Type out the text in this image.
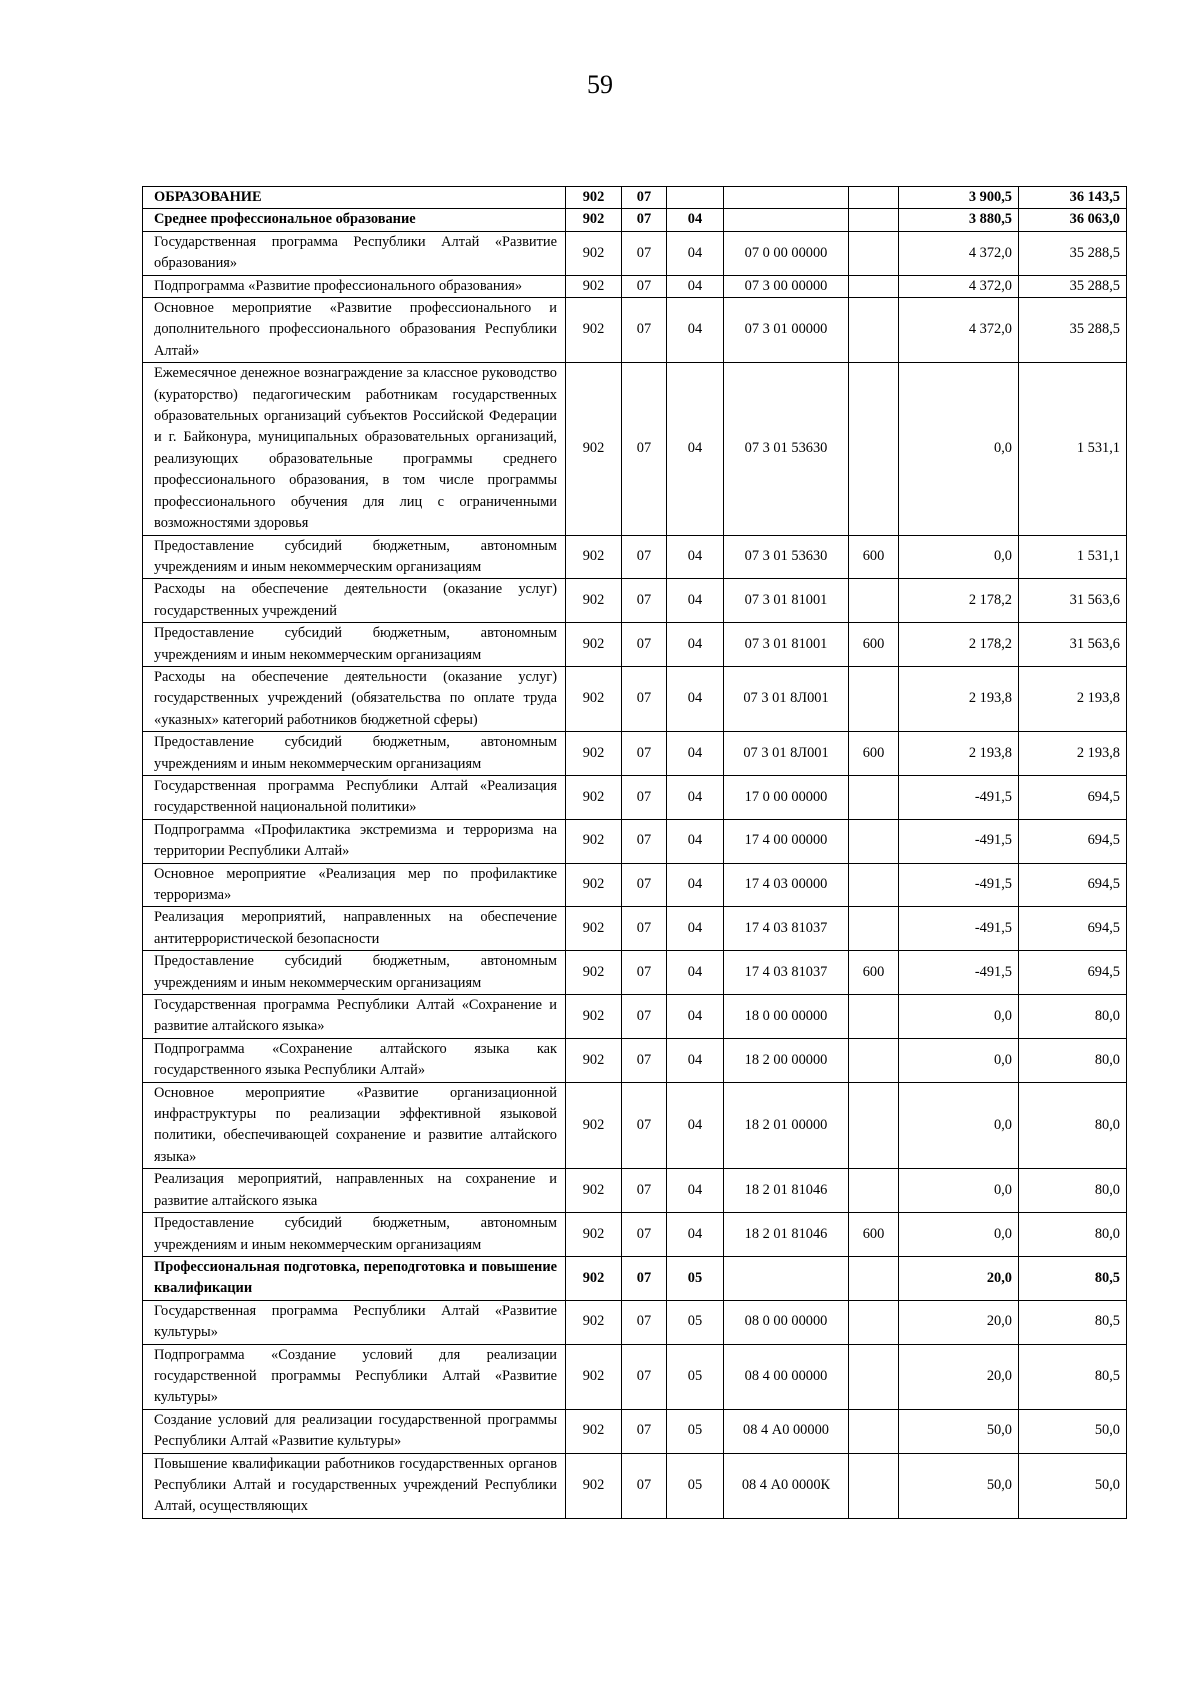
59
ОБРАЗОВАНИЕ	902	07				3 900,5	36 143,5
Среднее профессиональное образование	902	07	04			3 880,5	36 063,0
Государственная программа Республики Алтай «Развитие образования»	902	07	04	07 0 00 00000		4 372,0	35 288,5
Подпрограмма «Развитие профессионального образования»	902	07	04	07 3 00 00000		4 372,0	35 288,5
Основное мероприятие «Развитие профессионального и дополнительного профессионального образования Республики Алтай»	902	07	04	07 3 01 00000		4 372,0	35 288,5
Ежемесячное денежное вознаграждение за классное руководство (кураторство) педагогическим работникам государственных образовательных организаций субъектов Российской Федерации и г. Байконура, муниципальных образовательных организаций, реализующих образовательные программы среднего профессионального образования, в том числе программы профессионального обучения для лиц с ограниченными возможностями здоровья	902	07	04	07 3 01 53630		0,0	1 531,1
Предоставление субсидий бюджетным, автономным учреждениям и иным некоммерческим организациям	902	07	04	07 3 01 53630	600	0,0	1 531,1
Расходы на обеспечение деятельности (оказание услуг) государственных учреждений	902	07	04	07 3 01 81001		2 178,2	31 563,6
Предоставление субсидий бюджетным, автономным учреждениям и иным некоммерческим организациям	902	07	04	07 3 01 81001	600	2 178,2	31 563,6
Расходы на обеспечение деятельности (оказание услуг) государственных учреждений (обязательства по оплате труда «указных» категорий работников бюджетной сферы)	902	07	04	07 3 01 8Л001		2 193,8	2 193,8
Предоставление субсидий бюджетным, автономным учреждениям и иным некоммерческим организациям	902	07	04	07 3 01 8Л001	600	2 193,8	2 193,8
Государственная программа Республики Алтай «Реализация государственной национальной политики»	902	07	04	17 0 00 00000		-491,5	694,5
Подпрограмма «Профилактика экстремизма и терроризма на территории Республики Алтай»	902	07	04	17 4 00 00000		-491,5	694,5
Основное мероприятие «Реализация мер по профилактике терроризма»	902	07	04	17 4 03 00000		-491,5	694,5
Реализация мероприятий, направленных на обеспечение антитеррористической безопасности	902	07	04	17 4 03 81037		-491,5	694,5
Предоставление субсидий бюджетным, автономным учреждениям и иным некоммерческим организациям	902	07	04	17 4 03 81037	600	-491,5	694,5
Государственная программа Республики Алтай «Сохранение и развитие алтайского языка»	902	07	04	18 0 00 00000		0,0	80,0
Подпрограмма «Сохранение алтайского языка как государственного языка Республики Алтай»	902	07	04	18 2 00 00000		0,0	80,0
Основное мероприятие «Развитие организационной инфраструктуры по реализации эффективной языковой политики, обеспечивающей сохранение и развитие алтайского языка»	902	07	04	18 2 01 00000		0,0	80,0
Реализация мероприятий, направленных на сохранение и развитие алтайского языка	902	07	04	18 2 01 81046		0,0	80,0
Предоставление субсидий бюджетным, автономным учреждениям и иным некоммерческим организациям	902	07	04	18 2 01 81046	600	0,0	80,0
Профессиональная подготовка, переподготовка и повышение квалификации	902	07	05			20,0	80,5
Государственная программа Республики Алтай «Развитие культуры»	902	07	05	08 0 00 00000		20,0	80,5
Подпрограмма «Создание условий для реализации государственной программы Республики Алтай «Развитие культуры»	902	07	05	08 4 00 00000		20,0	80,5
Создание условий для реализации государственной программы Республики Алтай «Развитие культуры»	902	07	05	08 4 А0 00000		50,0	50,0

Повышение квалификации работников государственных органов Республики Алтай и государственных учреждений Республики Алтай, осуществляющих	902	07	05	08 4 А0 0000К		50,0	50,0
